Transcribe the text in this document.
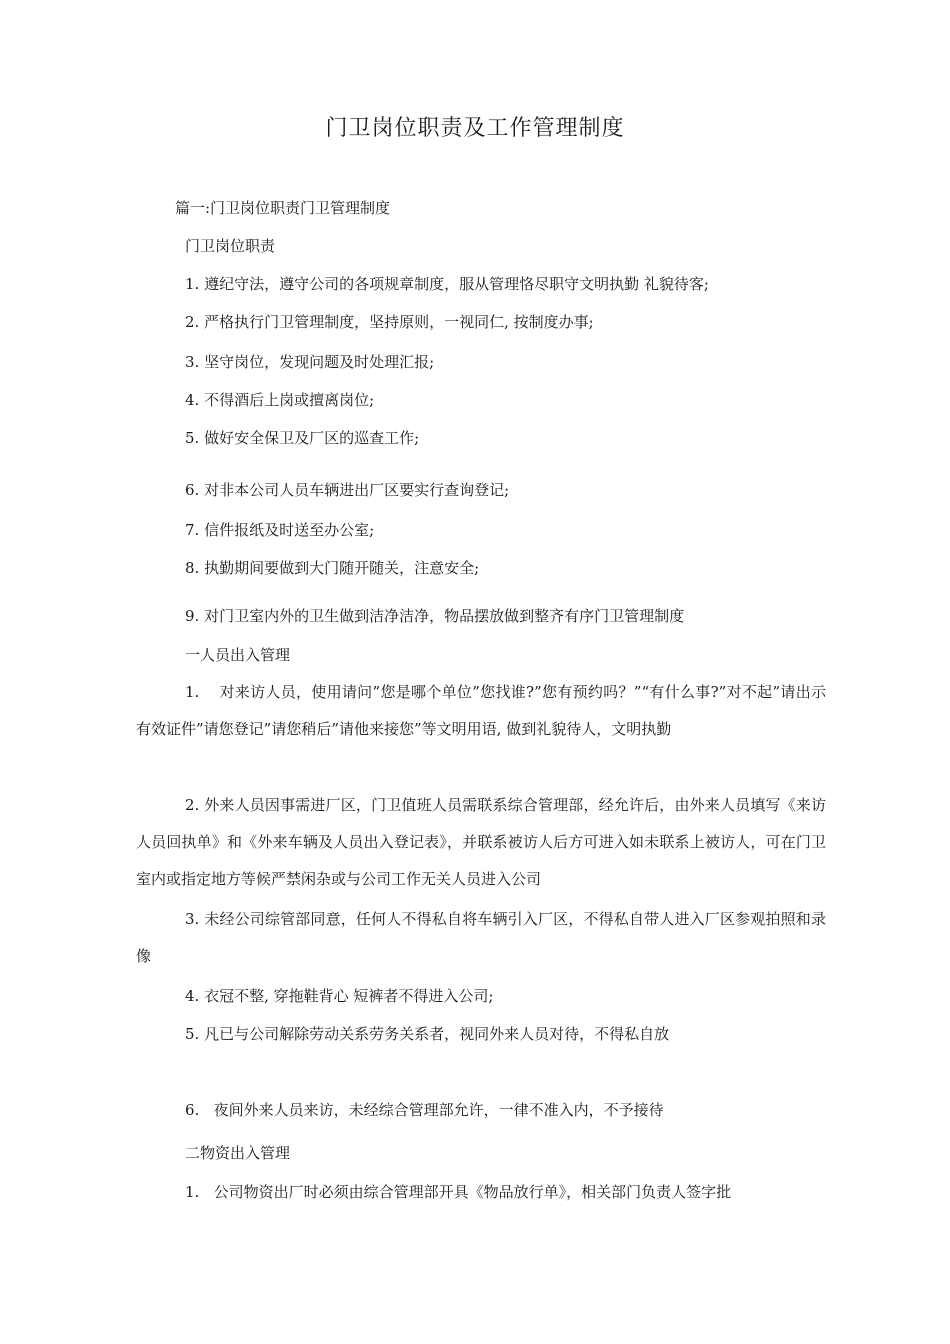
门卫岗位职责及工作管理制度

篇一:门卫岗位职责门卫管理制度

门卫岗位职责

1. 遵纪守法，遵守公司的各项规章制度，服从管理恪尽职守文明执勤 礼貌待客;
2. 严格执行门卫管理制度，坚持原则，一视同仁, 按制度办事;
3. 坚守岗位，发现问题及时处理汇报;
4. 不得酒后上岗或擅离岗位;
5. 做好安全保卫及厂区的巡查工作;
6. 对非本公司人员车辆进出厂区要实行查询登记;
7. 信件报纸及时送至办公室;
8. 执勤期间要做到大门随开随关，注意安全;
9. 对门卫室内外的卫生做到洁净洁净，物品摆放做到整齐有序门卫管理制度

一人员出入管理

1. 对来访人员，使用请问”您是哪个单位”您找谁?”您有预约吗？”“有什么事?”对不起”请出示有效证件”请您登记”请您稍后”请他来接您”等文明用语, 做到礼貌待人，文明执勤

2. 外来人员因事需进厂区，门卫值班人员需联系综合管理部，经允许后，由外来人员填写《来访人员回执单》和《外来车辆及人员出入登记表》，并联系被访人后方可进入如未联系上被访人，可在门卫室内或指定地方等候严禁闲杂或与公司工作无关人员进入公司

3. 未经公司综管部同意，任何人不得私自将车辆引入厂区，不得私自带人进入厂区参观拍照和录像

4. 衣冠不整, 穿拖鞋背心 短裤者不得进入公司;
5. 凡已与公司解除劳动关系劳务关系者，视同外来人员对待，不得私自放
6. 夜间外来人员来访，未经综合管理部允许，一律不准入内，不予接待

二物资出入管理

1. 公司物资出厂时必须由综合管理部开具《物品放行单》，相关部门负责人签字批
